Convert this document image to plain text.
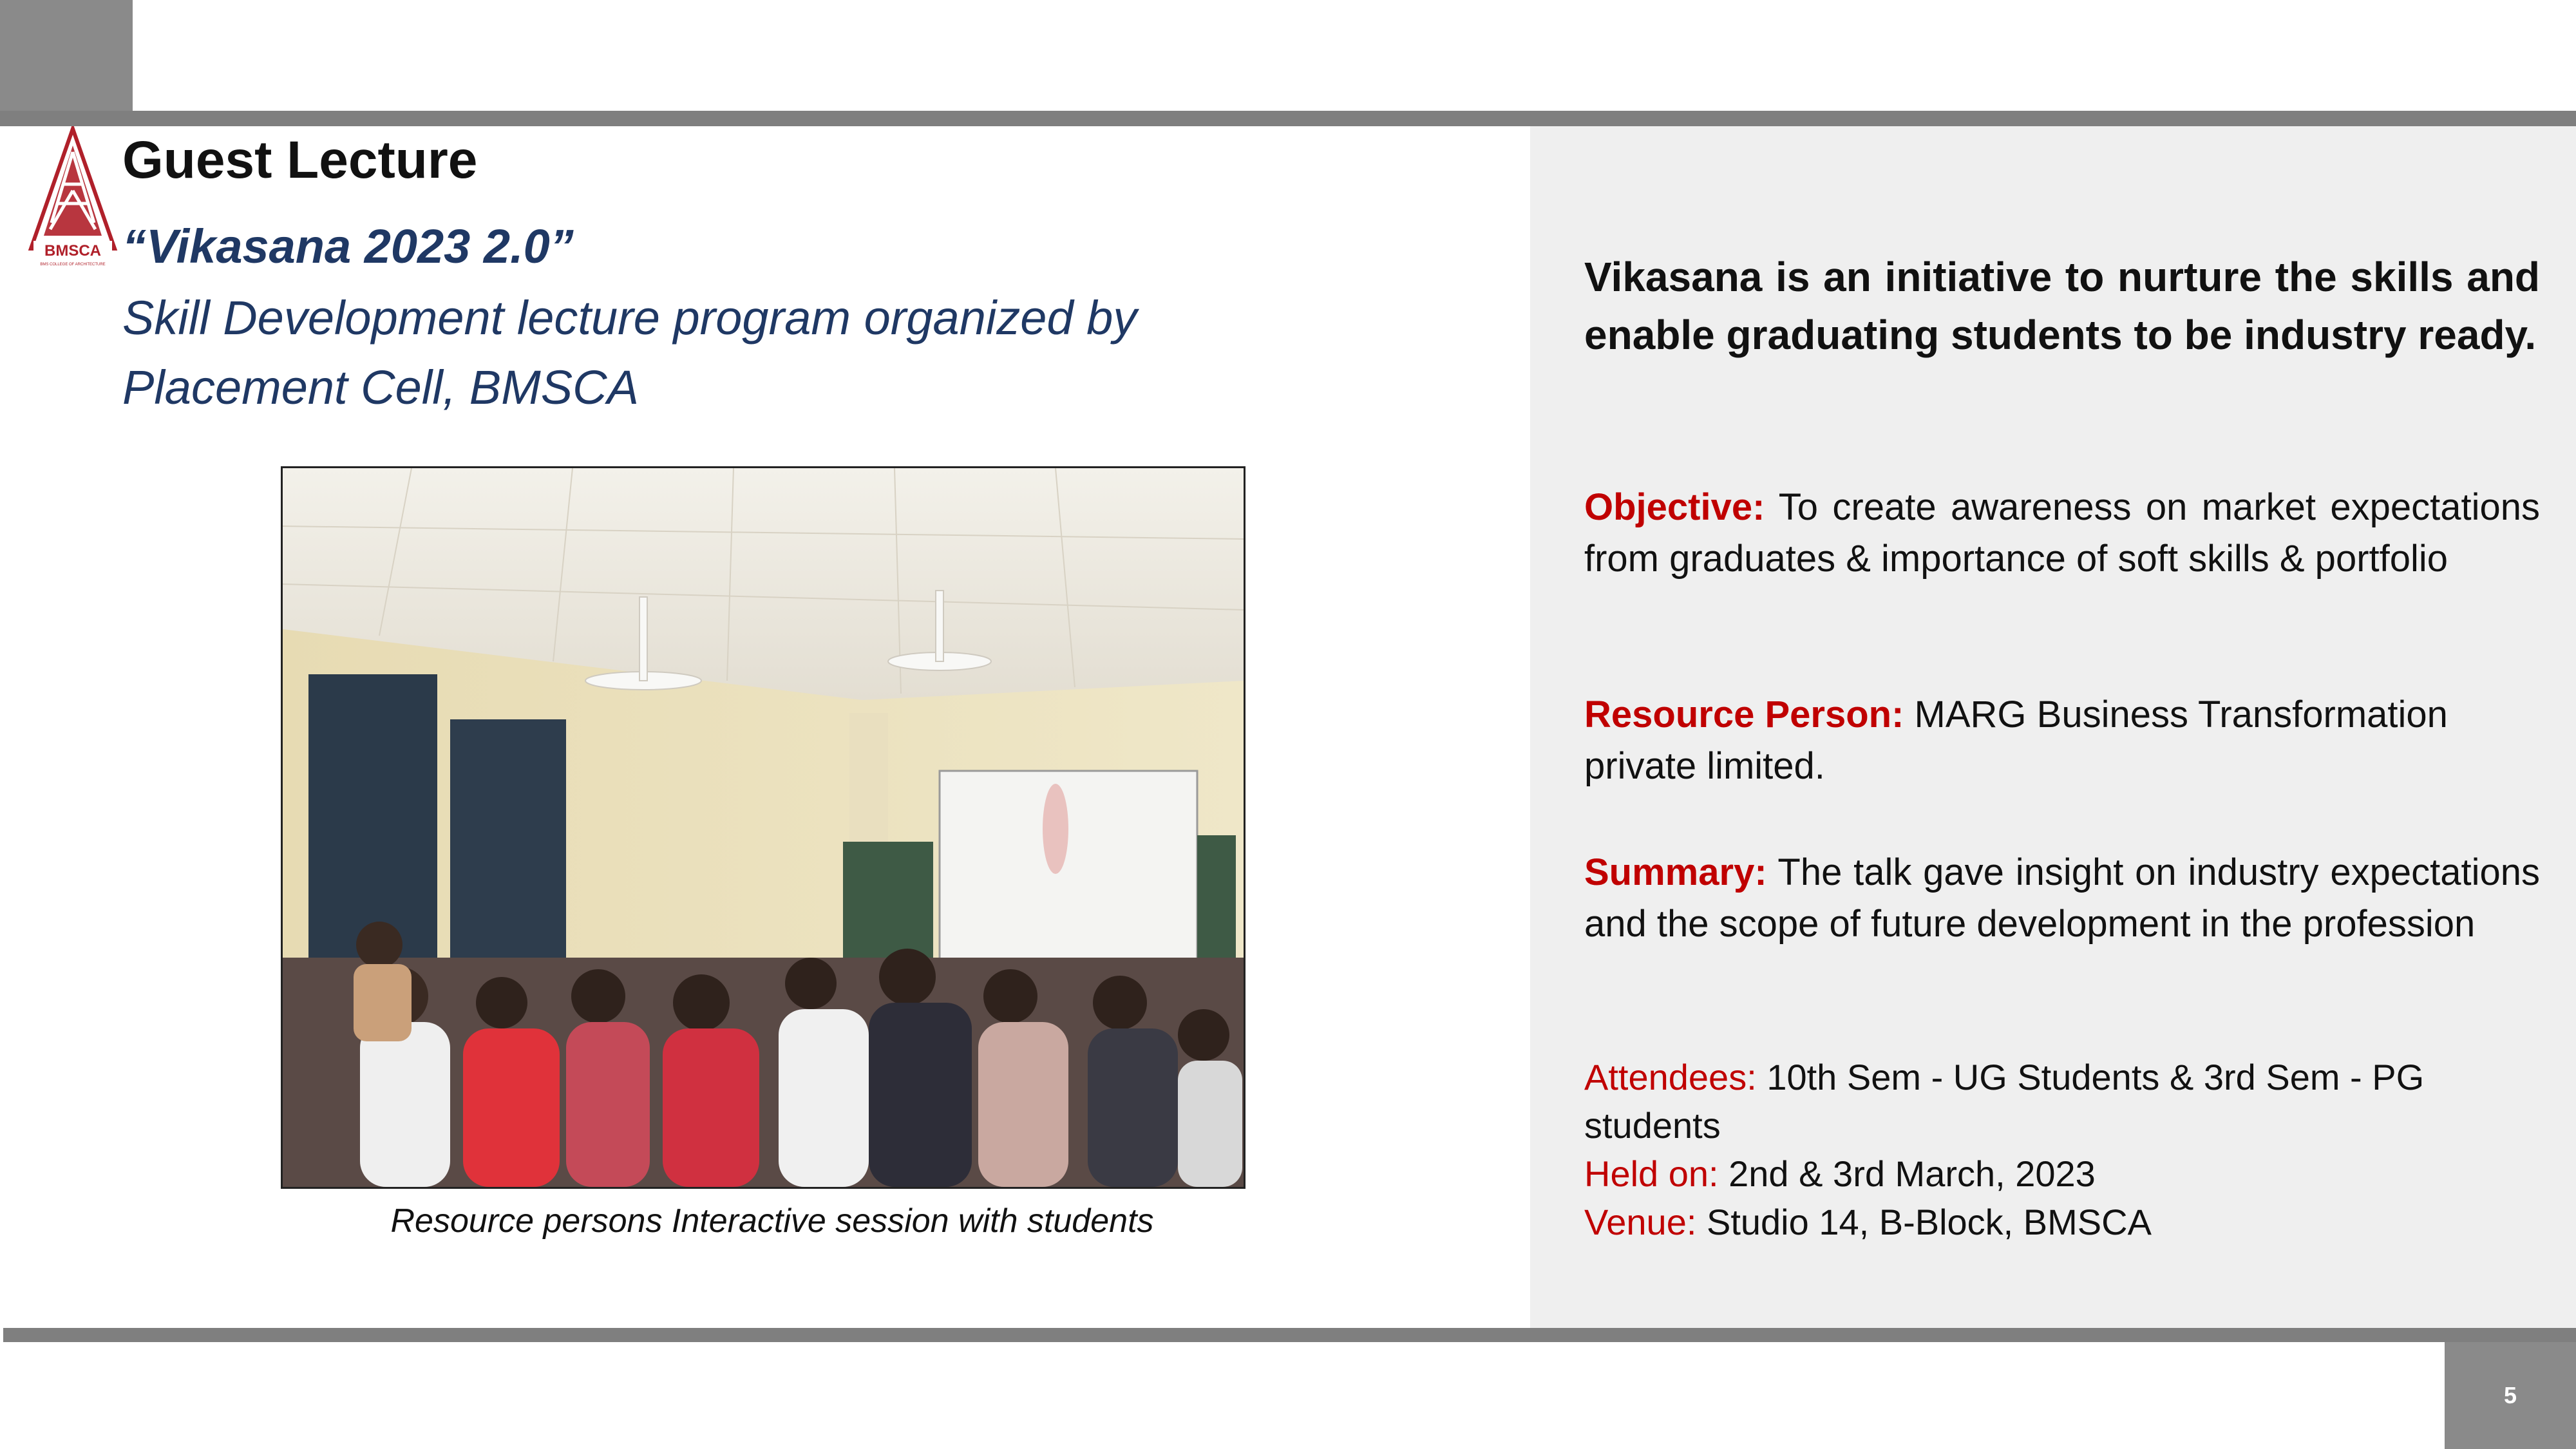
BMSCA
BMS COLLEGE OF ARCHITECTURE
Guest Lecture
“Vikasana 2023 2.0”
Skill Development lecture program organized by
Placement Cell, BMSCA
Resource persons Interactive session with students
Vikasana is an initiative to nurture the skills and enable graduating students to be industry ready.
Objective: To create awareness on market expectations from graduates & importance of soft skills & portfolio
Resource Person: MARG Business Transformation private limited.
Summary: The talk gave insight on industry expectations and the scope of future development in the profession
Attendees: 10th Sem - UG Students & 3rd Sem - PG students
Held on: 2nd & 3rd March, 2023
Venue: Studio 14, B-Block, BMSCA
5
